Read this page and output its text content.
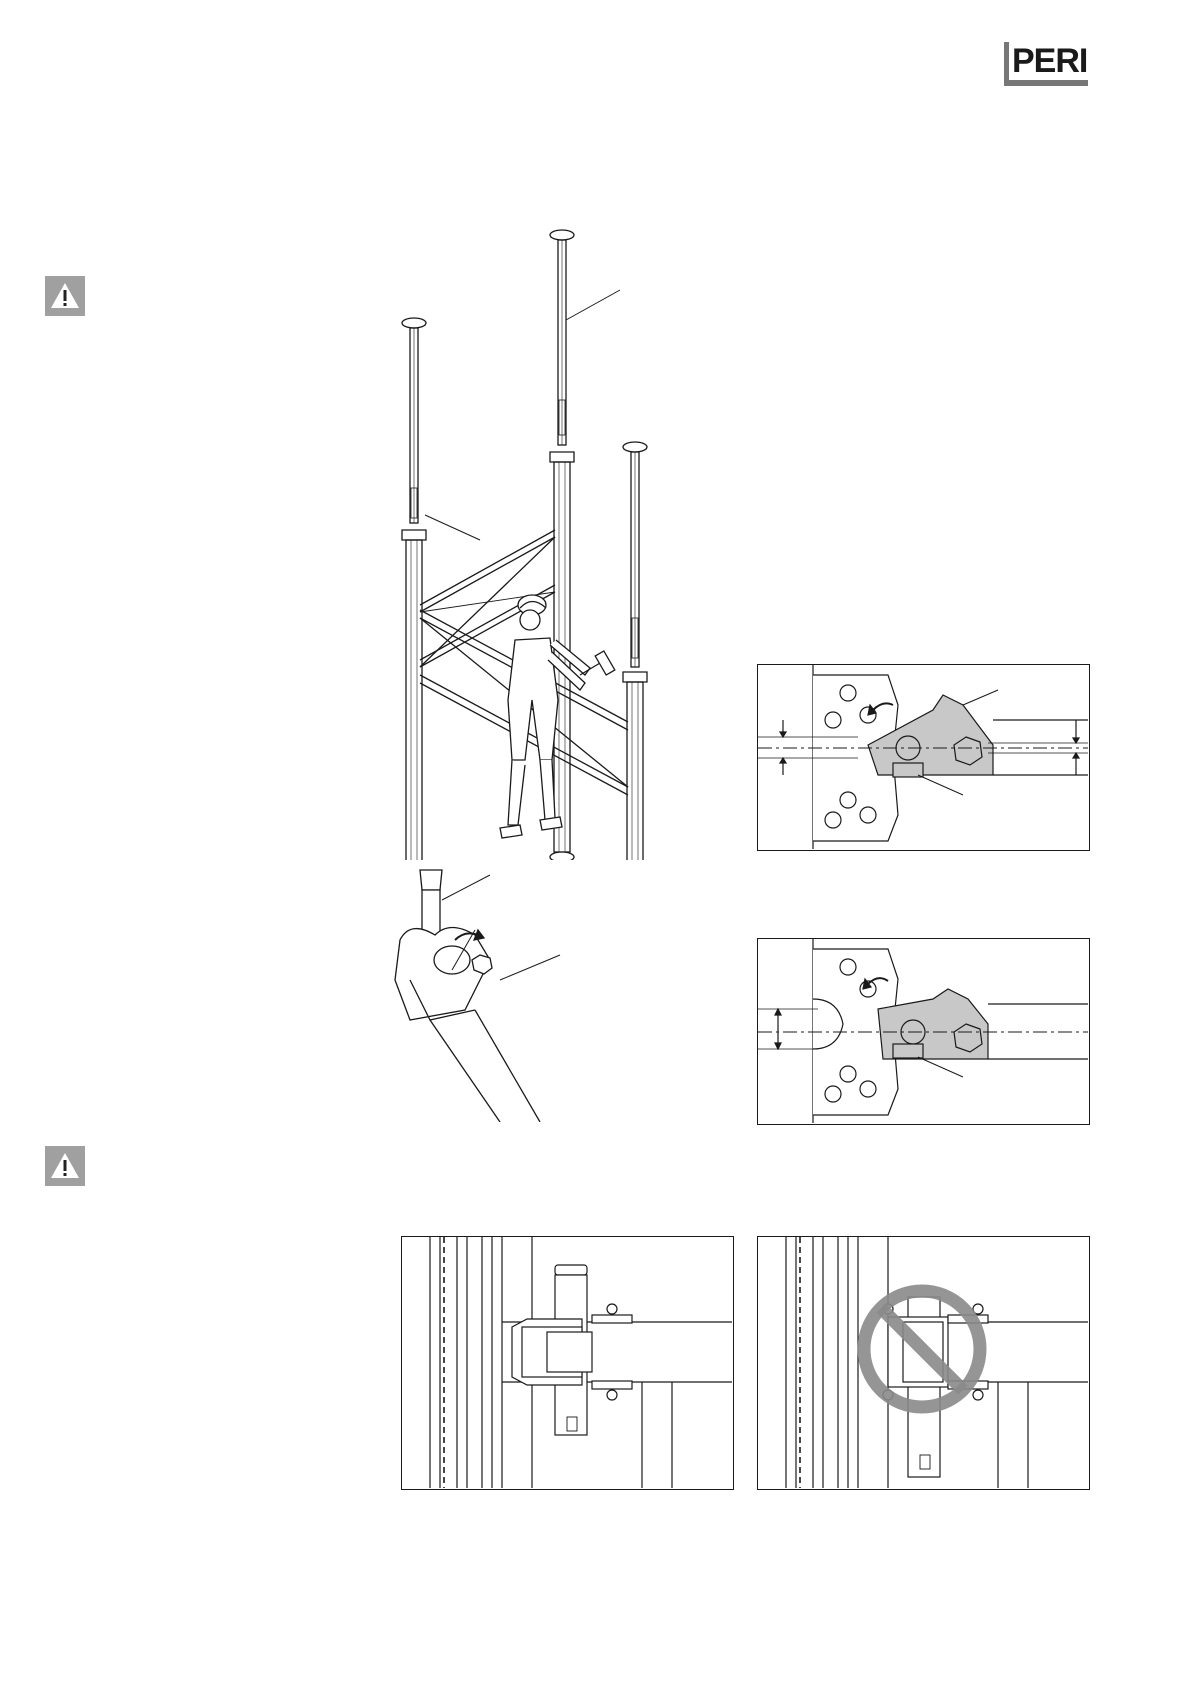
PERI
